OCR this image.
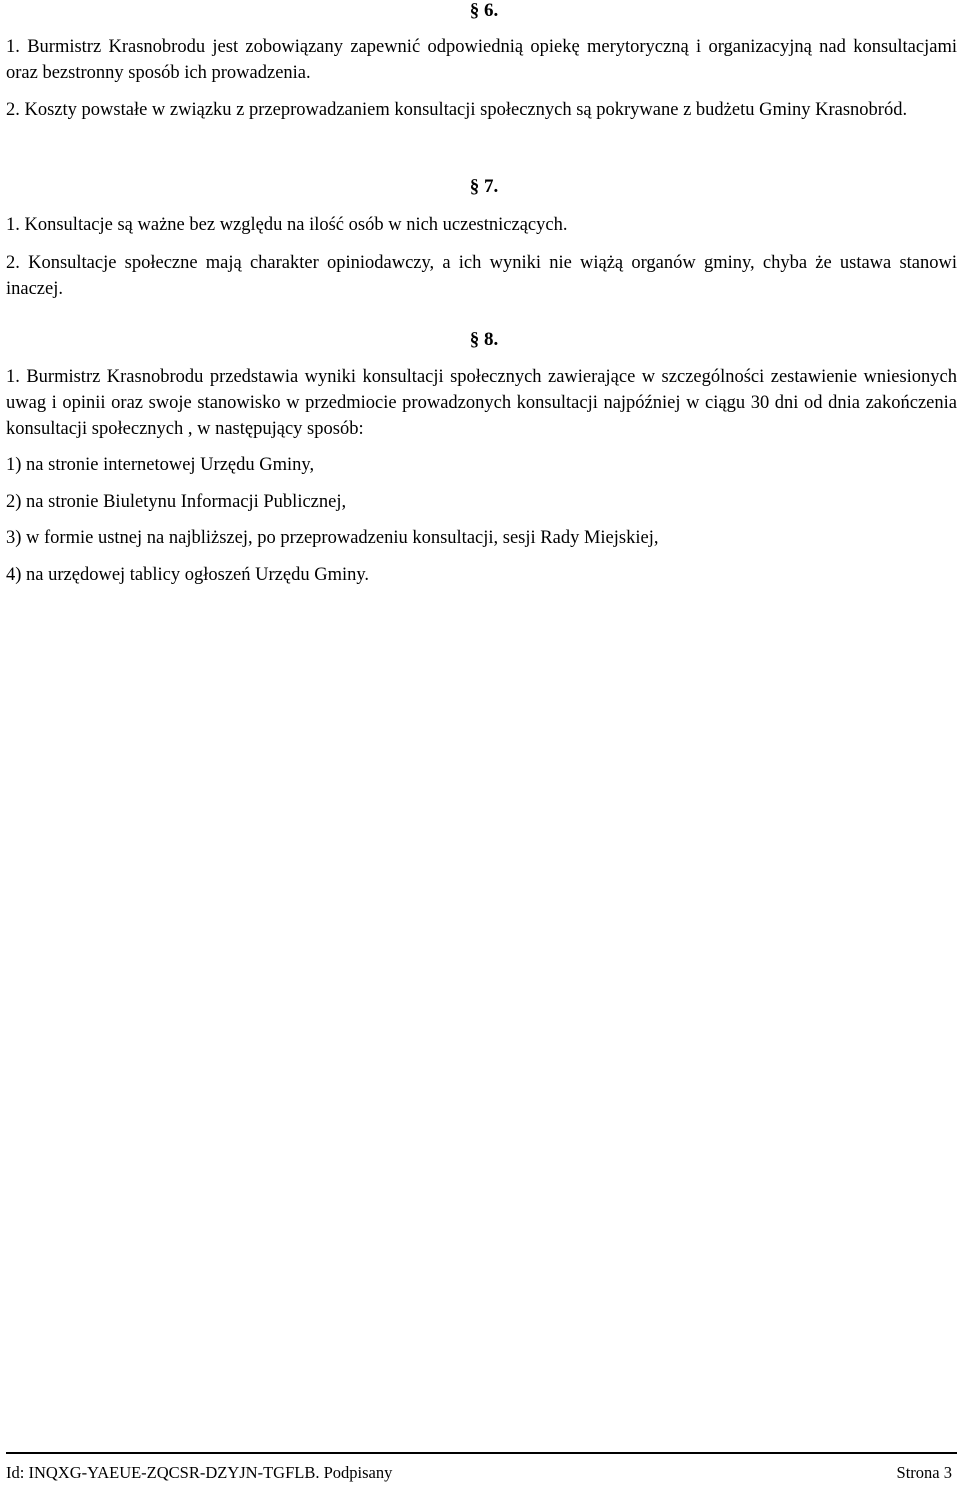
§ 6.
1. Burmistrz Krasnobrodu jest zobowiązany zapewnić odpowiednią opiekę merytoryczną i organizacyjną nad konsultacjami oraz bezstronny sposób ich prowadzenia.
2. Koszty powstałe w związku z przeprowadzaniem konsultacji społecznych są pokrywane z budżetu Gminy Krasnobród.
§ 7.
1. Konsultacje są ważne bez względu na ilość osób w nich uczestniczących.
2. Konsultacje społeczne mają charakter opiniodawczy, a ich wyniki nie wiążą organów gminy, chyba że ustawa stanowi inaczej.
§ 8.
1. Burmistrz Krasnobrodu przedstawia wyniki konsultacji społecznych zawierające w szczególności zestawienie wniesionych uwag i opinii oraz swoje stanowisko w przedmiocie prowadzonych konsultacji najpóźniej w ciągu 30 dni od dnia zakończenia konsultacji społecznych , w następujący sposób:
1) na stronie internetowej Urzędu Gminy,
2) na stronie Biuletynu Informacji Publicznej,
3) w formie ustnej na najbliższej, po przeprowadzeniu konsultacji, sesji Rady Miejskiej,
4) na urzędowej tablicy ogłoszeń Urzędu Gminy.
Id: INQXG-YAEUE-ZQCSR-DZYJN-TGFLB. Podpisany	Strona 3
